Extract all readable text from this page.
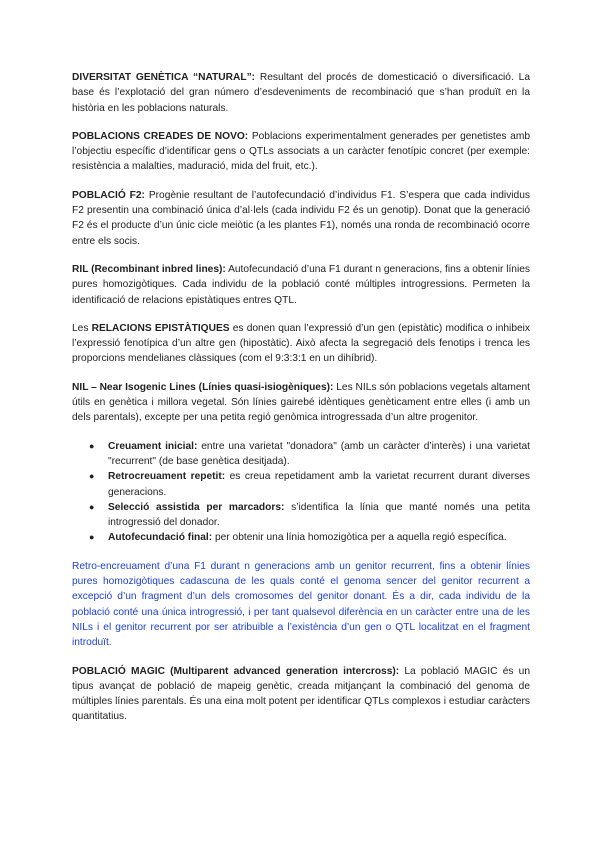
DIVERSITAT GENÈTICA “NATURAL”: Resultant del procés de domesticació o diversificació. La base és l’explotació del gran número d’esdeveniments de recombinació que s’han produït en la història en les poblacions naturals.

POBLACIONS CREADES DE NOVO: Poblacions experimentalment generades per genetistes amb l’objectiu específic d’identificar gens o QTLs associats a un caràcter fenotípic concret (per exemple: resistència a malalties, maduració, mida del fruit, etc.).

POBLACIÓ F2: Progènie resultant de l’autofecundació d’individus F1. S’espera que cada individus F2 presentin una combinació única d’al·lels (cada individu F2 és un genotip). Donat que la generació F2 és el producte d’un únic cicle meiòtic (a les plantes F1), només una ronda de recombinació ocorre entre els socis.

RIL (Recombinant inbred lines): Autofecundació d’una F1 durant n generacions, fins a obtenir línies pures homozigòtiques. Cada individu de la població conté múltiples introgressions. Permeten la identificació de relacions epistàtiques entres QTL.

Les RELACIONS EPISTÀTIQUES es donen quan l’expressió d’un gen (epistàtic) modifica o inhibeix l’expressió fenotípica d’un altre gen (hipostàtic). Això afecta la segregació dels fenotips i trenca les proporcions mendelianes clàssiques (com el 9:3:3:1 en un dihíbrid).

NIL – Near Isogenic Lines (Línies quasi-isiogèniques): Les NILs són poblacions vegetals altament útils en genètica i millora vegetal. Són línies gairebé idèntiques genèticament entre elles (i amb un dels parentals), excepte per una petita regió genòmica introgressada d’un altre progenitor.

● Creuament inicial: entre una varietat "donadora" (amb un caràcter d’interès) i una varietat "recurrent" (de base genètica desitjada).
● Retrocreuament repetit: es creua repetidament amb la varietat recurrent durant diverses generacions.
● Selecció assistida per marcadors: s’identifica la línia que manté només una petita introgressió del donador.
● Autofecundació final: per obtenir una línia homozigòtica per a aquella regió específica.

Retro-encreuament d’una F1 durant n generacions amb un genitor recurrent, fins a obtenir línies pures homozigòtiques cadascuna de les quals conté el genoma sencer del genitor recurrent a excepció d’un fragment d’un dels cromosomes del genitor donant. És a dir, cada individu de la població conté una única introgressió, i per tant qualsevol diferència en un caràcter entre una de les NILs i el genitor recurrent por ser atribuible a l’existència d’un gen o QTL localitzat en el fragment introduït.

POBLACIÓ MAGIC (Multiparent advanced generation intercross): La població MAGIC és un tipus avançat de població de mapeig genètic, creada mitjançant la combinació del genoma de múltiples línies parentals. És una eina molt potent per identificar QTLs complexos i estudiar caràcters quantitatius.
